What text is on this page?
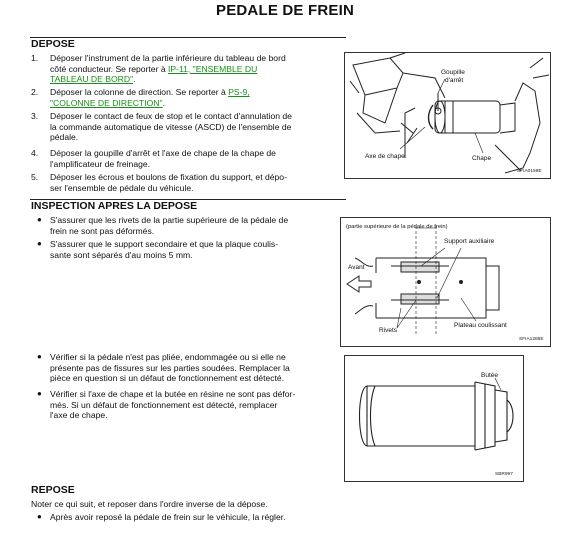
PEDALE DE FREIN
DEPOSE
1. Déposer l'instrument de la partie inférieure du tableau de bord
côté conducteur. Se reporter à IP-11, "ENSEMBLE DU
TABLEAU DE BORD".
2. Déposer la colonne de direction. Se reporter à PS-9,
"COLONNE DE DIRECTION".
3. Déposer le contact de feux de stop et le contact d'annulation de
la commande automatique de vitesse (ASCD) de l'ensemble de
pédale.
4. Déposer la goupille d'arrêt et l'axe de chape de la chape de
l'amplificateur de freinage.
5. Déposer les écrous et boulons de fixation du support, et dépo-
ser l'ensemble de pédale du véhicule.
Goupille
d'arrêt
Axe de chape	Chape
SFIA0159E
INSPECTION APRES LA DEPOSE
● S'assurer que les rivets de la partie supérieure de la pédale de
frein ne sont pas déformés.
● S'assurer que le support secondaire et que la plaque coulis-
sante sont séparés d'au moins 5 mm.
(partie supérieure de la pédale de frein)
Support auxiliaire
Avant
Rivets
Plateau coulissant
SFIA1286E
● Vérifier si la pédale n'est pas pliée, endommagée ou si elle ne
présente pas de fissures sur les parties soudées. Remplacer la
pièce en question si un défaut de fonctionnement est détecté.
● Vérifier si l'axe de chape et la butée en résine ne sont pas défor-
més. Si un défaut de fonctionnement est détecté, remplacer
l'axe de chape.
Butée
SBR997
REPOSE
Noter ce qui suit, et reposer dans l'ordre inverse de la dépose.
● Après avoir reposé la pédale de frein sur le véhicule, la régler.
